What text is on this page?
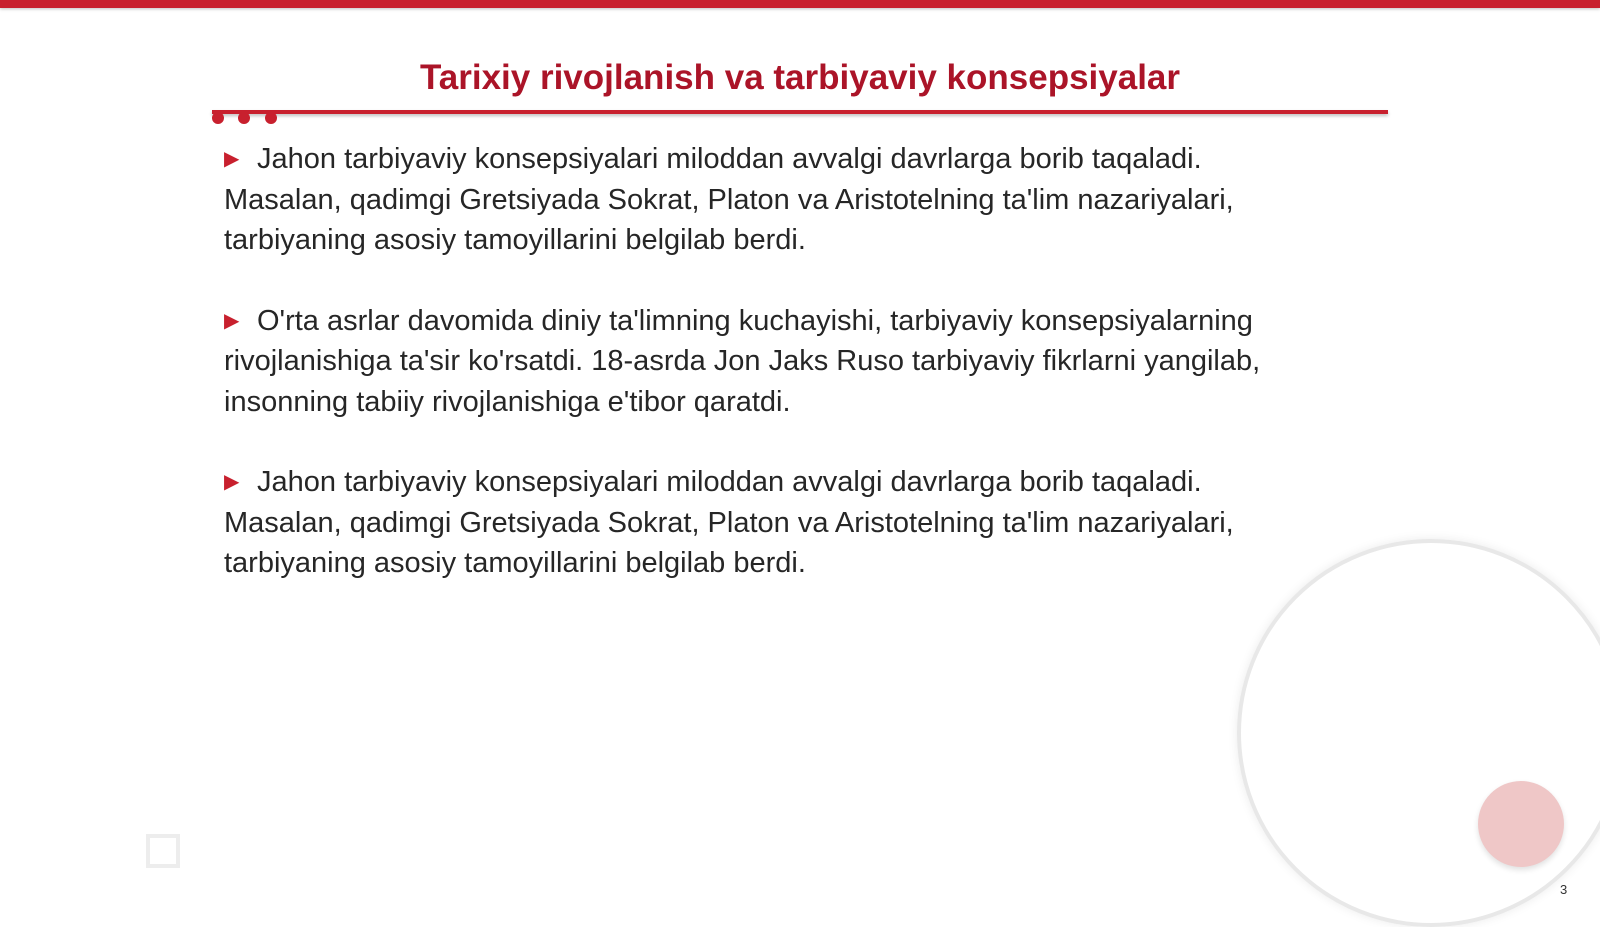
Tarixiy rivojlanish va tarbiyaviy konsepsiyalar
▶ Jahon tarbiyaviy konsepsiyalari miloddan avvalgi davrlarga borib taqaladi. Masalan, qadimgi Gretsiyada Sokrat, Platon va Aristotelning ta'lim nazariyalari, tarbiyaning asosiy tamoyillarini belgilab berdi.
▶ O'rta asrlar davomida diniy ta'limning kuchayishi, tarbiyaviy konsepsiyalarning rivojlanishiga ta'sir ko'rsatdi. 18-asrda Jon Jaks Ruso tarbiyaviy fikrlarni yangilab, insonning tabiiy rivojlanishiga e'tibor qaratdi.
▶ Jahon tarbiyaviy konsepsiyalari miloddan avvalgi davrlarga borib taqaladi. Masalan, qadimgi Gretsiyada Sokrat, Platon va Aristotelning ta'lim nazariyalari, tarbiyaning asosiy tamoyillarini belgilab berdi.
3
